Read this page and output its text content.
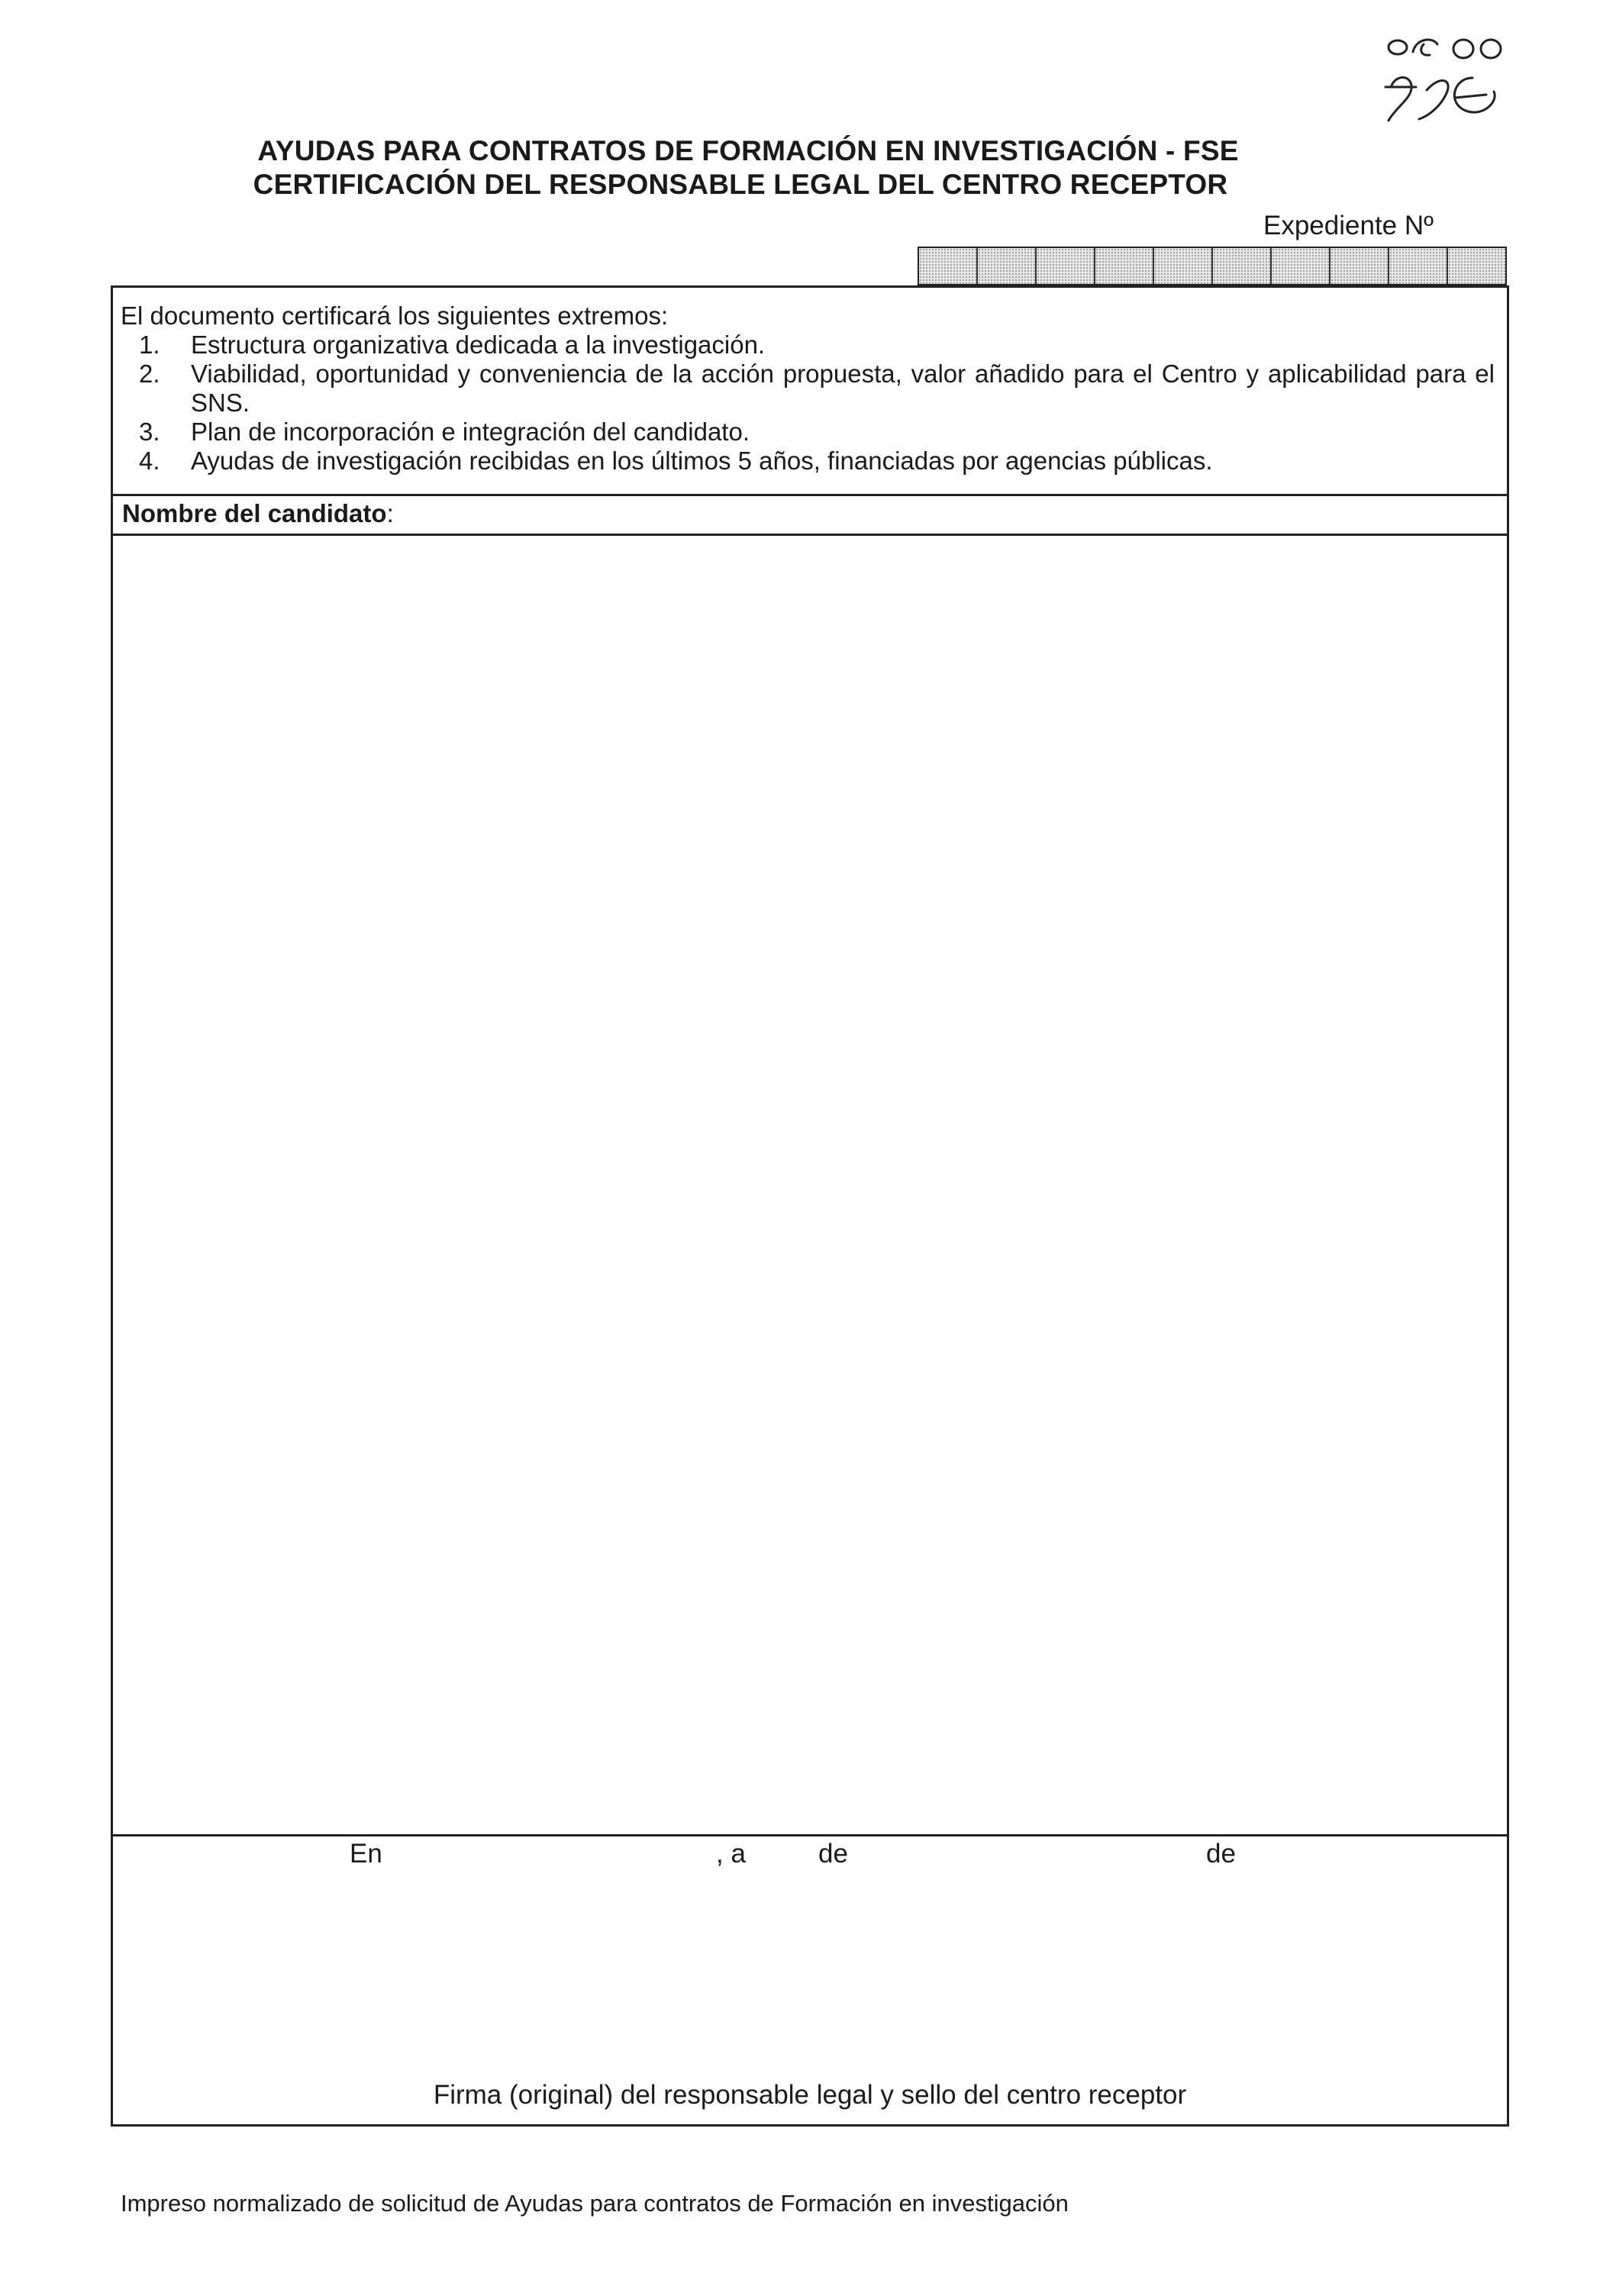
AYUDAS PARA CONTRATOS DE FORMACIÓN EN INVESTIGACIÓN - FSE
CERTIFICACIÓN DEL RESPONSABLE LEGAL DEL CENTRO RECEPTOR
Expediente Nº
El documento certificará los siguientes extremos:
1. Estructura organizativa dedicada a la investigación.
2. Viabilidad, oportunidad y conveniencia de la acción propuesta, valor añadido para el Centro y aplicabilidad para el SNS.
3. Plan de incorporación e integración del candidato.
4. Ayudas de investigación recibidas en los últimos 5 años, financiadas por agencias públicas.
Nombre del candidato:
En	, a	de	de
Firma (original) del responsable legal y sello del centro receptor
Impreso normalizado de solicitud de Ayudas para contratos de Formación en investigación
